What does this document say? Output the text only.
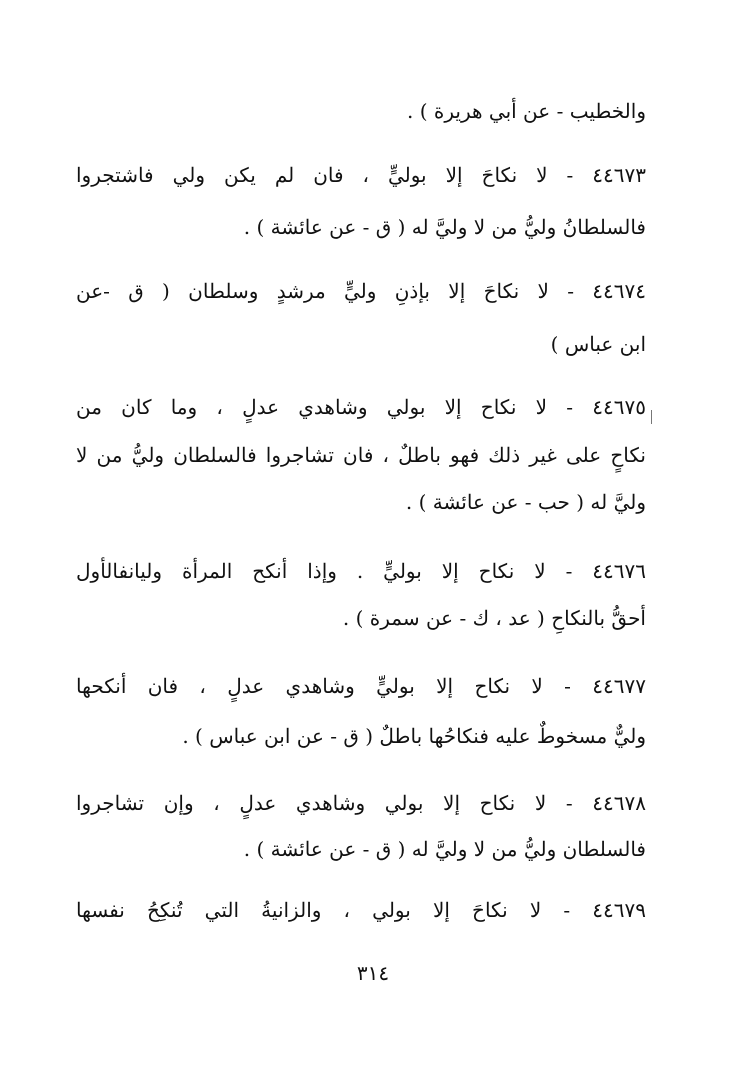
والخطيب - عن أبي هريرة ) .
٤٤٦٧٣ - لا نكاحَ إلا بوليٍّ ، فان لم يكن ولي فاشتجروا
فالسلطانُ وليُّ من لا وليَّ له ( ق - عن عائشة ) .
٤٤٦٧٤ - لا نكاحَ إلا بإذنِ وليٍّ مرشدٍ وسلطان ( ق -عن
ابن عباس )
٤٤٦٧٥ - لا نكاح إلا بولي وشاهدي عدلٍ ، وما كان من
نكاحٍ على غير ذلك فهو باطلٌ ، فان تشاجروا فالسلطان وليُّ من لا
وليَّ له ( حب - عن عائشة ) .
٤٤٦٧٦ - لا نكاح إلا بوليٍّ . وإذا أنكح المرأة وليانفالأول
أحقُّ بالنكاحِ ( عد ، ك - عن سمرة ) .
٤٤٦٧٧ - لا نكاح إلا بوليٍّ وشاهدي عدلٍ ، فان أنكحها
وليٌّ مسخوطٌ عليه فنكاحُها باطلٌ ( ق - عن ابن عباس ) .
٤٤٦٧٨ - لا نكاح إلا بولي وشاهدي عدلٍ ، وإن تشاجروا
فالسلطان وليُّ من لا وليَّ له ( ق - عن عائشة ) .
٤٤٦٧٩ - لا نكاحَ إلا بولي ، والزانيةُ التي تُنكِحُ نفسها
٣١٤
